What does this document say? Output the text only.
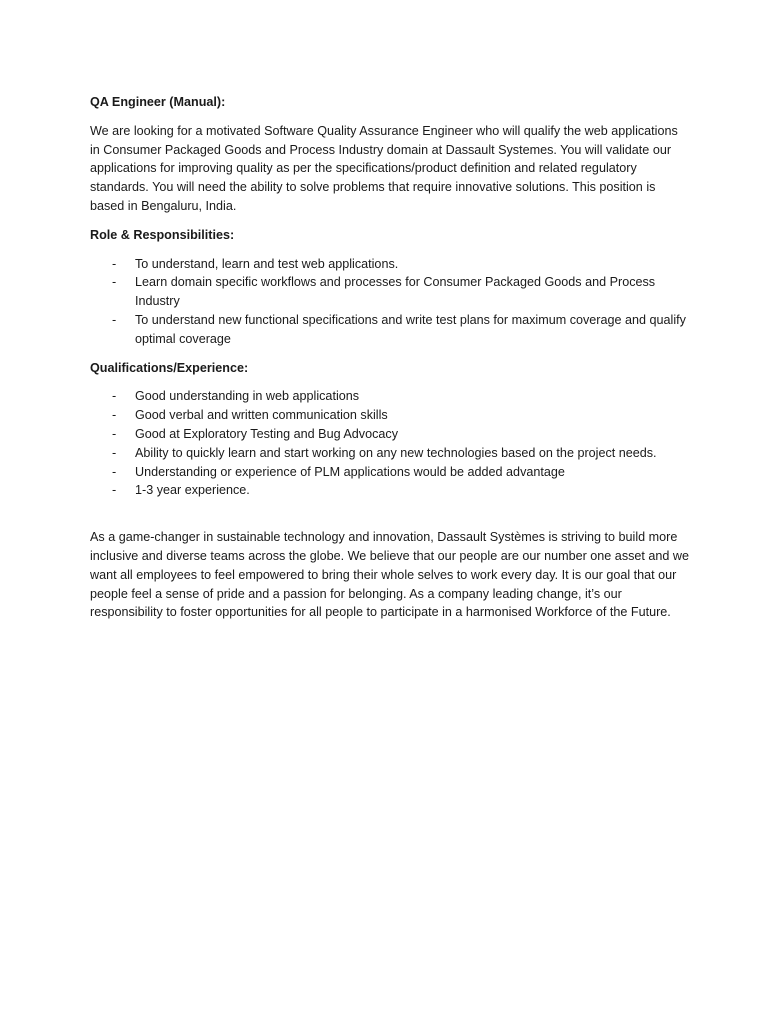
QA Engineer (Manual):

We are looking for a motivated Software Quality Assurance Engineer who will qualify the web applications in Consumer Packaged Goods and Process Industry domain at Dassault Systemes. You will validate our applications for improving quality as per the specifications/product definition and related regulatory standards. You will need the ability to solve problems that require innovative solutions. This position is based in Bengaluru, India.

Role & Responsibilities:

- To understand, learn and test web applications.
- Learn domain specific workflows and processes for Consumer Packaged Goods and Process Industry
- To understand new functional specifications and write test plans for maximum coverage and qualify optimal coverage

Qualifications/Experience:

- Good understanding in web applications
- Good verbal and written communication skills
- Good at Exploratory Testing and Bug Advocacy
- Ability to quickly learn and start working on any new technologies based on the project needs.
- Understanding or experience of PLM applications would be added advantage
- 1-3 year experience.

As a game-changer in sustainable technology and innovation, Dassault Systèmes is striving to build more inclusive and diverse teams across the globe. We believe that our people are our number one asset and we want all employees to feel empowered to bring their whole selves to work every day. It is our goal that our people feel a sense of pride and a passion for belonging. As a company leading change, it’s our responsibility to foster opportunities for all people to participate in a harmonised Workforce of the Future.
